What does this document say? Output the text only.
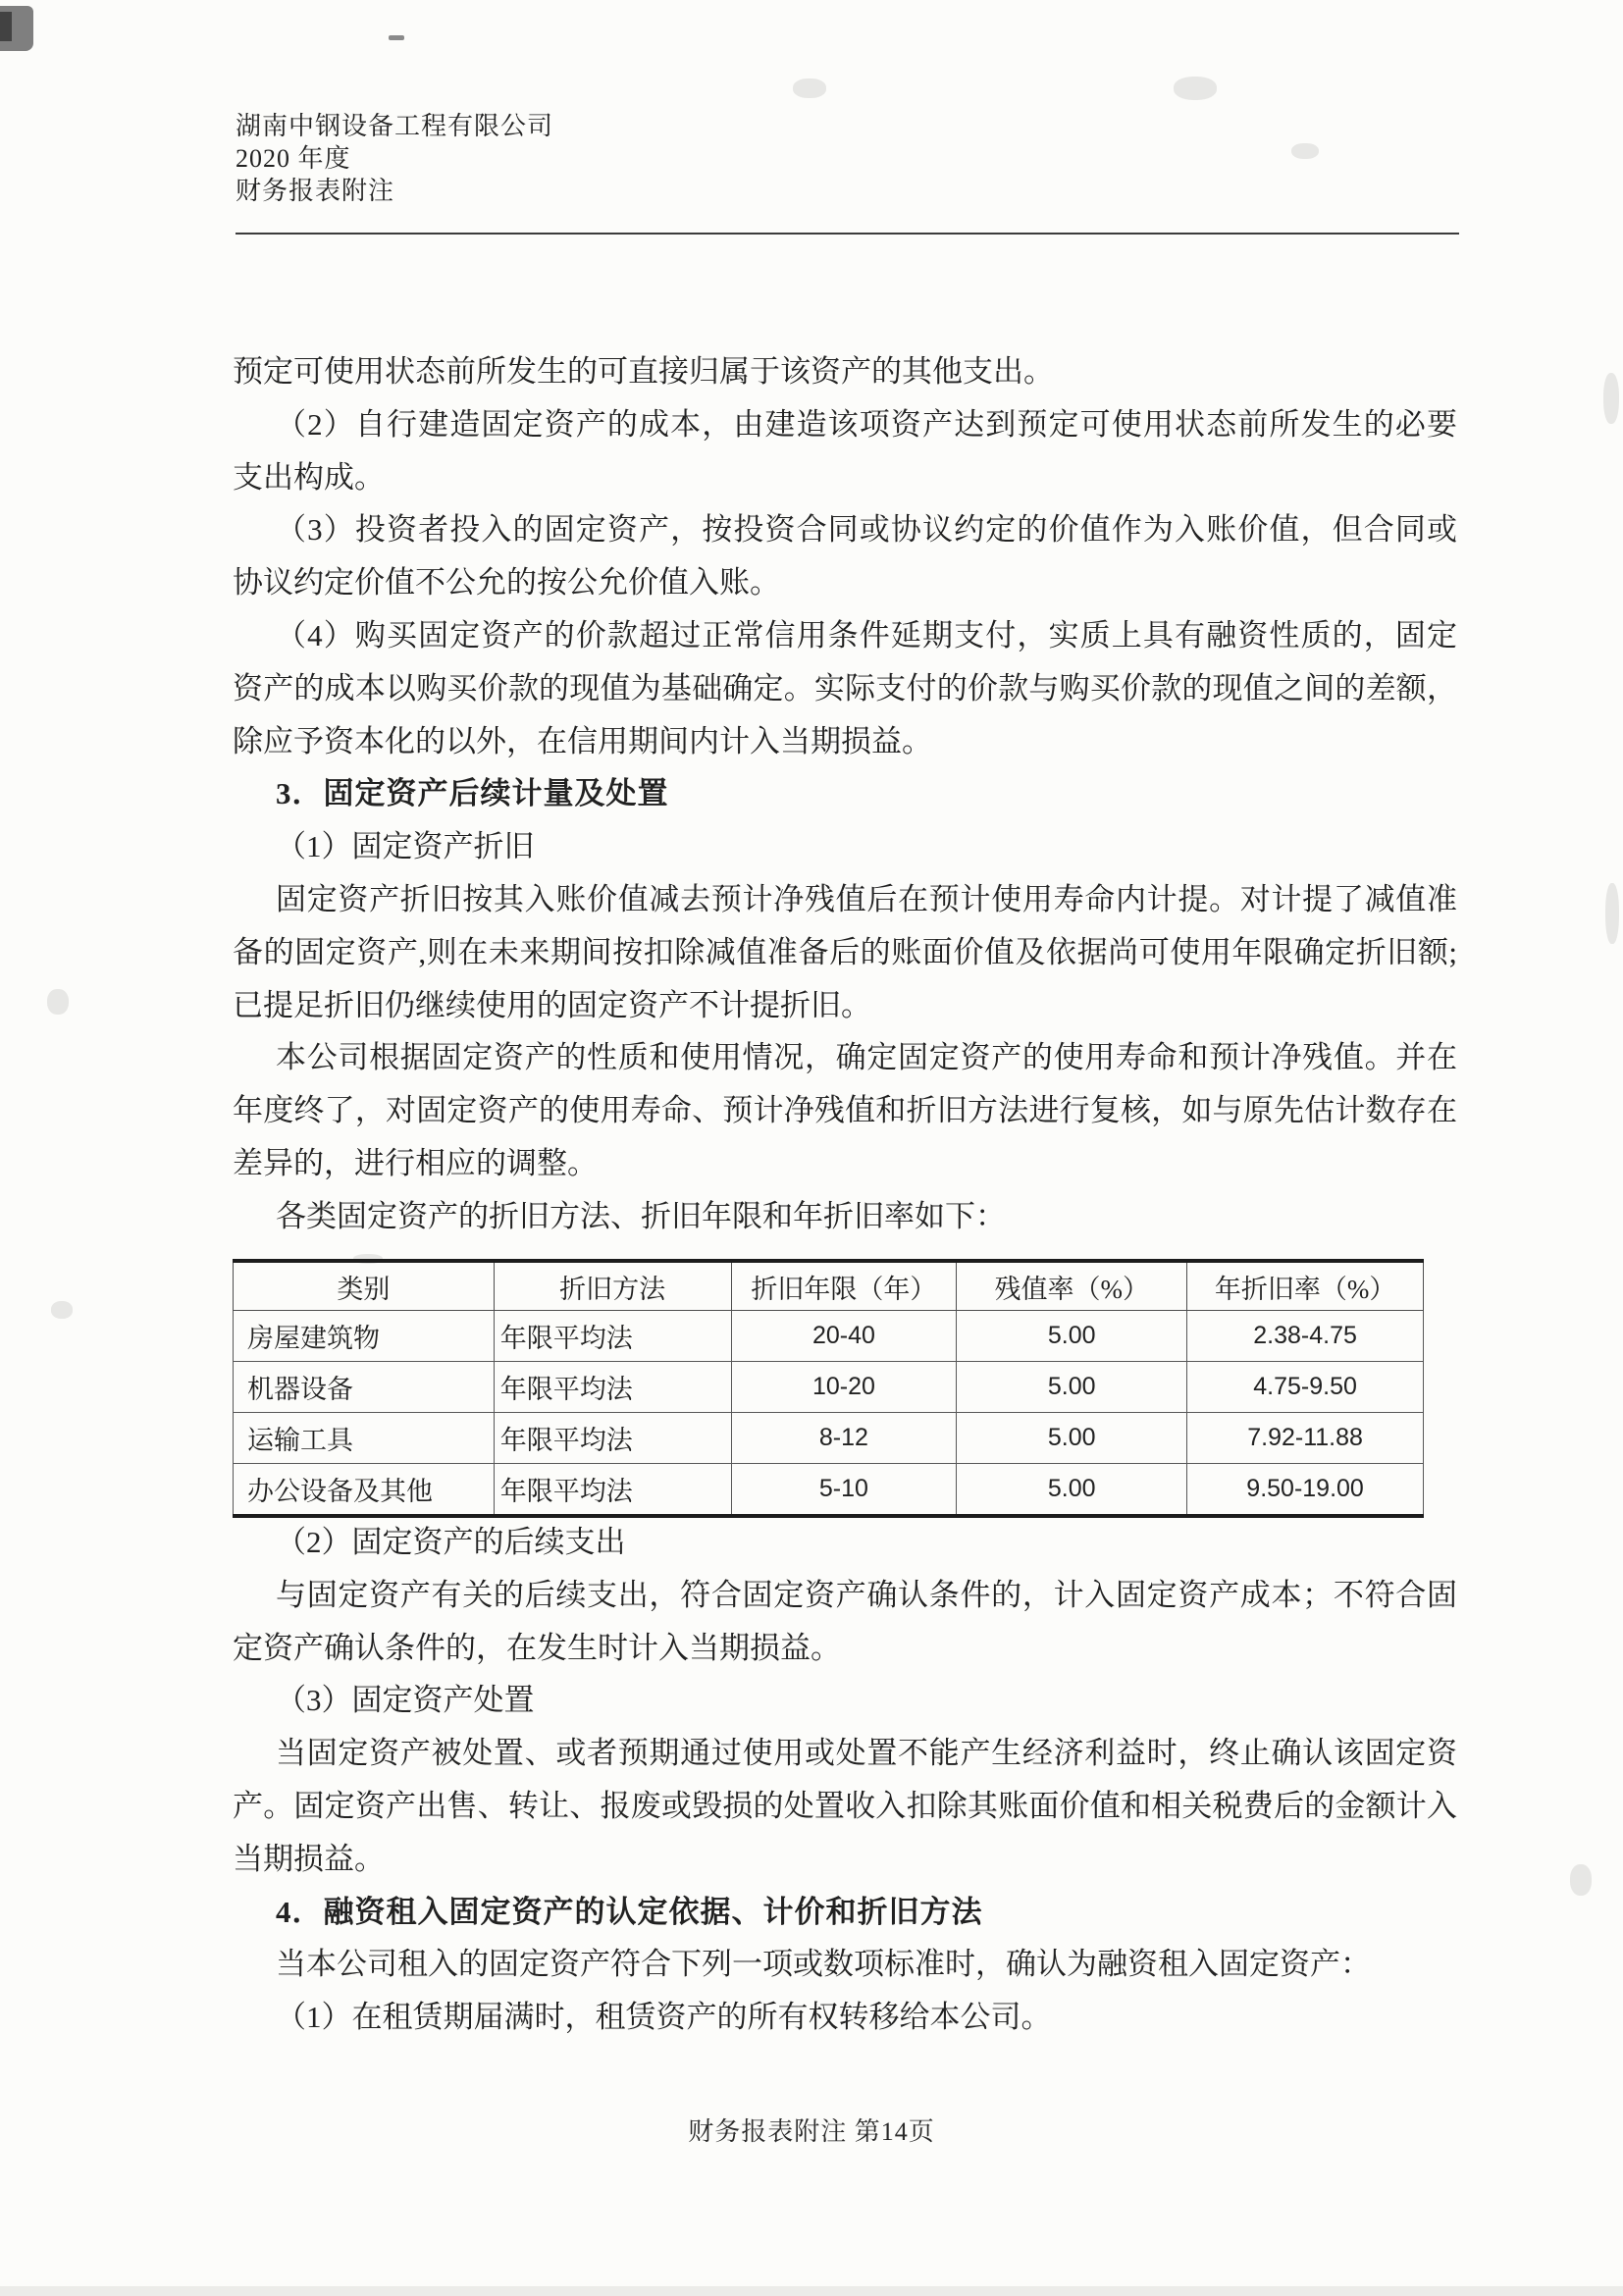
湖南中钢设备工程有限公司
2020 年度
财务报表附注
预定可使用状态前所发生的可直接归属于该资产的其他支出。
（2）自行建造固定资产的成本，由建造该项资产达到预定可使用状态前所发生的必要
支出构成。
（3）投资者投入的固定资产，按投资合同或协议约定的价值作为入账价值，但合同或
协议约定价值不公允的按公允价值入账。
（4）购买固定资产的价款超过正常信用条件延期支付，实质上具有融资性质的，固定
资产的成本以购买价款的现值为基础确定。实际支付的价款与购买价款的现值之间的差额，
除应予资本化的以外，在信用期间内计入当期损益。
3．固定资产后续计量及处置
（1）固定资产折旧
固定资产折旧按其入账价值减去预计净残值后在预计使用寿命内计提。对计提了减值准
备的固定资产,则在未来期间按扣除减值准备后的账面价值及依据尚可使用年限确定折旧额;
已提足折旧仍继续使用的固定资产不计提折旧。
本公司根据固定资产的性质和使用情况，确定固定资产的使用寿命和预计净残值。并在
年度终了，对固定资产的使用寿命、预计净残值和折旧方法进行复核，如与原先估计数存在
差异的，进行相应的调整。
各类固定资产的折旧方法、折旧年限和年折旧率如下：
类别	折旧方法	折旧年限（年）	残值率（%）	年折旧率（%）
房屋建筑物	年限平均法	20-40	5.00	2.38-4.75
机器设备	年限平均法	10-20	5.00	4.75-9.50
运输工具	年限平均法	8-12	5.00	7.92-11.88
办公设备及其他	年限平均法	5-10	5.00	9.50-19.00
（2）固定资产的后续支出
与固定资产有关的后续支出，符合固定资产确认条件的，计入固定资产成本；不符合固
定资产确认条件的，在发生时计入当期损益。
（3）固定资产处置
当固定资产被处置、或者预期通过使用或处置不能产生经济利益时，终止确认该固定资
产。固定资产出售、转让、报废或毁损的处置收入扣除其账面价值和相关税费后的金额计入
当期损益。
4．融资租入固定资产的认定依据、计价和折旧方法
当本公司租入的固定资产符合下列一项或数项标准时，确认为融资租入固定资产：
（1）在租赁期届满时，租赁资产的所有权转移给本公司。
财务报表附注 第14页
